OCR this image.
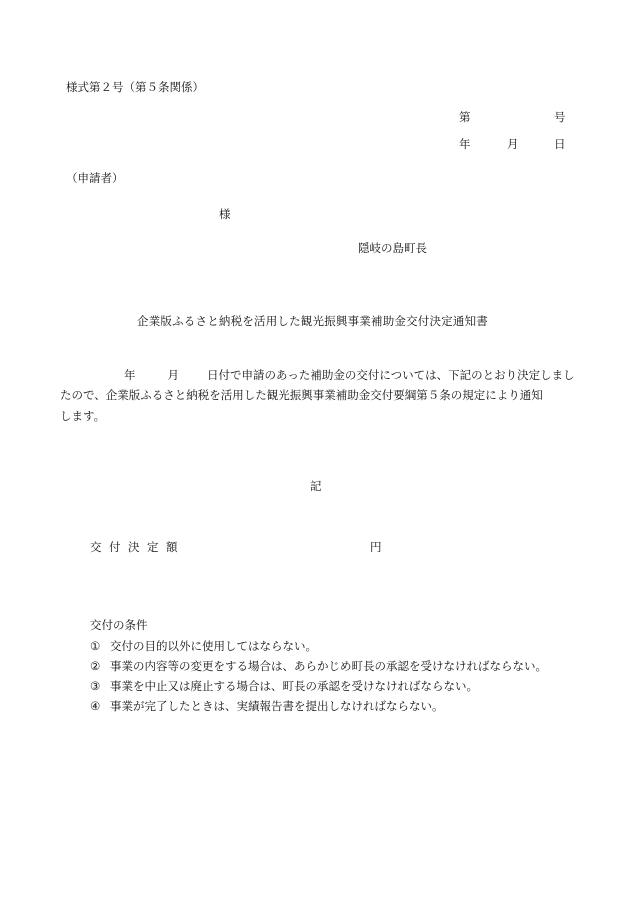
様式第２号（第５条関係）
第	号
年	月	日
（申請者）
様
隠岐の島町長
企業版ふるさと納税を活用した観光振興事業補助金交付決定通知書
年	月 日付で申請のあった補助金の交付については、下記のとおり決定しまし
たので、企業版ふるさと納税を活用した観光振興事業補助金交付要綱第５条の規定により通知
します。
記
交付決定額	円
交付の条件
① 交付の目的以外に使用してはならない。
② 事業の内容等の変更をする場合は、あらかじめ町長の承認を受けなければならない。
③ 事業を中止又は廃止する場合は、町長の承認を受けなければならない。
④ 事業が完了したときは、実績報告書を提出しなければならない。
